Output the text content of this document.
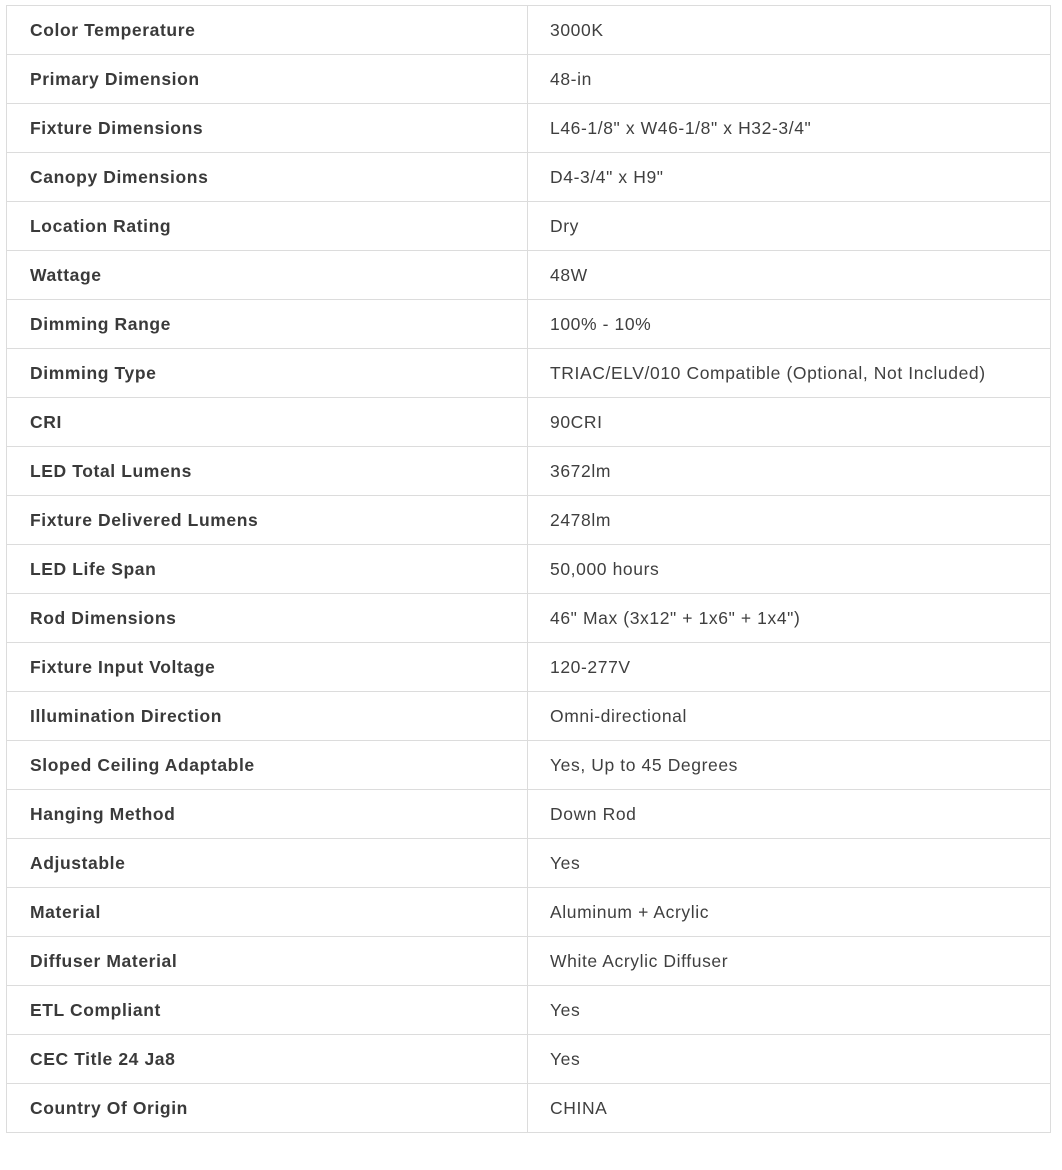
Color Temperature	3000K
Primary Dimension	48-in
Fixture Dimensions	L46-1/8" x W46-1/8" x H32-3/4"
Canopy Dimensions	D4-3/4" x H9"
Location Rating	Dry
Wattage	48W
Dimming Range	100% - 10%
Dimming Type	TRIAC/ELV/010 Compatible (Optional, Not Included)
CRI	90CRI
LED Total Lumens	3672lm
Fixture Delivered Lumens	2478lm
LED Life Span	50,000 hours
Rod Dimensions	46" Max (3x12" + 1x6" + 1x4")
Fixture Input Voltage	120-277V
Illumination Direction	Omni-directional
Sloped Ceiling Adaptable	Yes, Up to 45 Degrees
Hanging Method	Down Rod
Adjustable	Yes
Material	Aluminum + Acrylic
Diffuser Material	White Acrylic Diffuser
ETL Compliant	Yes
CEC Title 24 Ja8	Yes
Country Of Origin	CHINA
